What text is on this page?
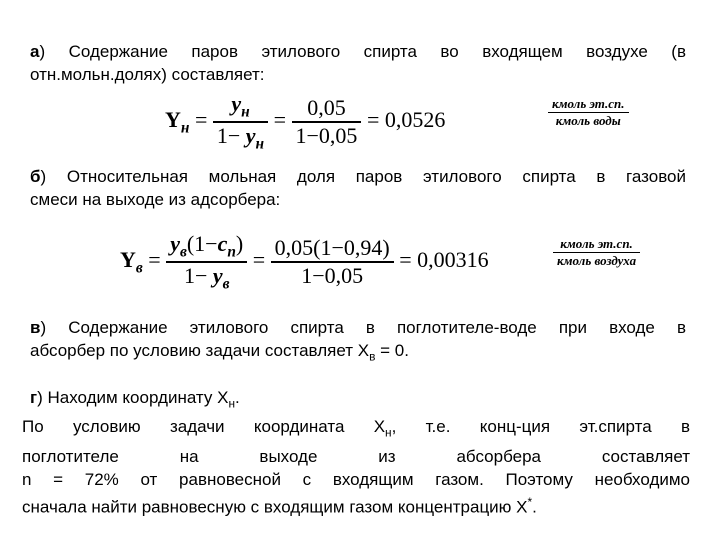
а) Содержание паров этилового спирта во входящем воздухе (в
отн.мольн.долях) составляет:
$Y_н = \frac{y_н}{1- y_н} = \frac{0,05}{1-0,05} = 0,0526$	$\frac{\text{кмоль эт.сп.}}{\text{кмоль воды}}$
б) Относительная мольная доля паров этилового спирта в газовой
смеси на выходе из адсорбера:
$Y_в = \frac{y_в(1-c_п)}{1- y_в} = \frac{0,05(1-0,94)}{1-0,05} = 0,00316$	$\frac{\text{кмоль эт.сп.}}{\text{кмоль воздуха}}$
в) Содержание этилового спирта в поглотителе-воде при входе в
абсорбер по условию задачи составляет $Х_в = 0$.
г) Находим координату $Х_н$.
По условию задачи координата $Х_н$, т.е. конц-ция эт.спирта в
поглотителе на выходе из абсорбера составляет
n = 72% от равновесной с входящим газом. Поэтому необходимо
сначала найти равновесную с входящим газом концентрацию Х*.
